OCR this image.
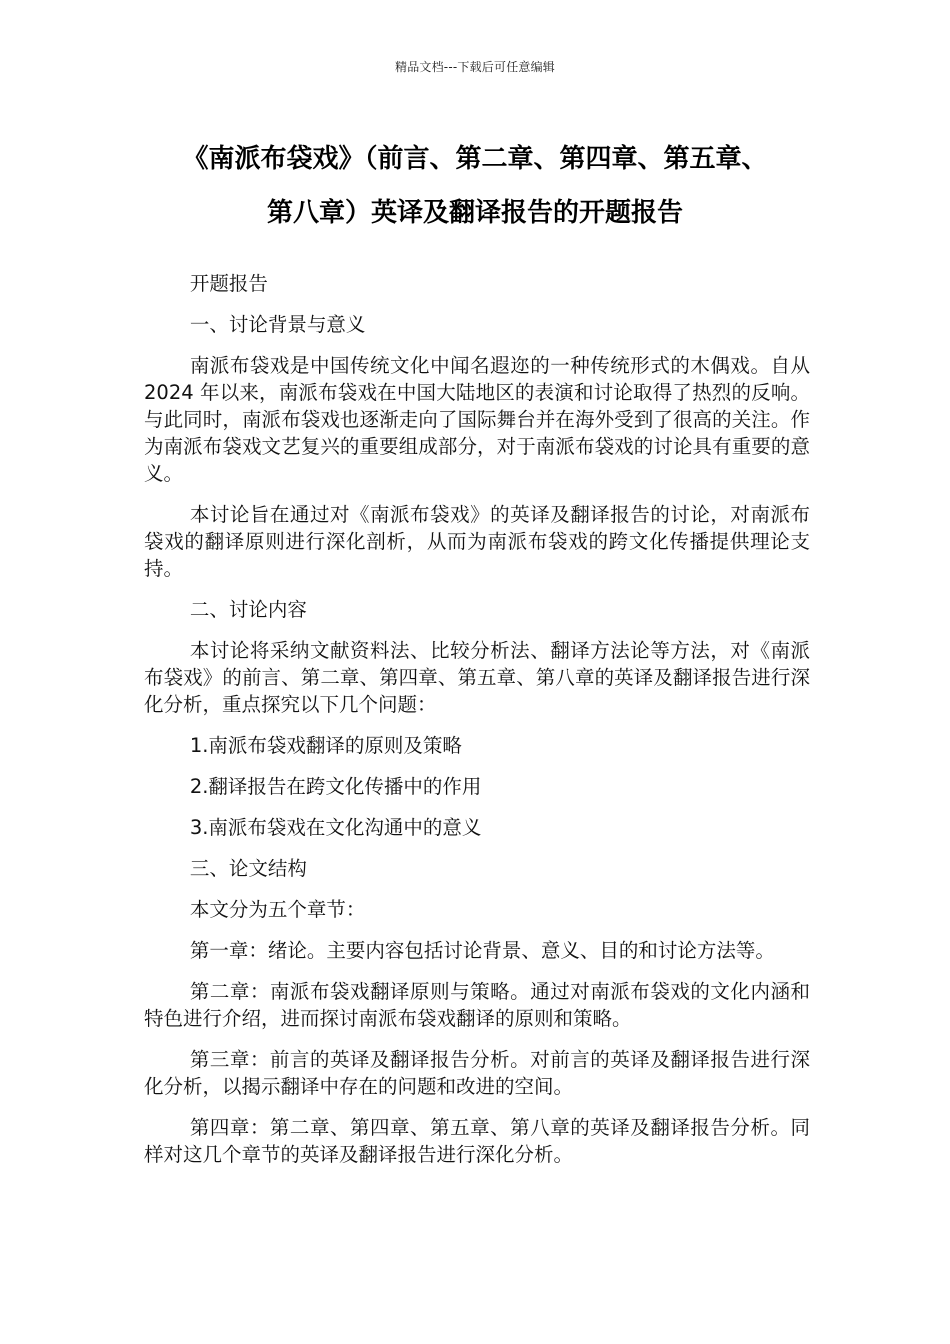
精品文档---下载后可任意编辑
《南派布袋戏》（前言、第二章、第四章、第五章、
第八章）英译及翻译报告的开题报告

开题报告

一、讨论背景与意义

南派布袋戏是中国传统文化中闻名遐迩的一种传统形式的木偶戏。自从 2024 年以来，南派布袋戏在中国大陆地区的表演和讨论取得了热烈的反响。与此同时，南派布袋戏也逐渐走向了国际舞台并在海外受到了很高的关注。作为南派布袋戏文艺复兴的重要组成部分，对于南派布袋戏的讨论具有重要的意义。

本讨论旨在通过对《南派布袋戏》的英译及翻译报告的讨论，对南派布袋戏的翻译原则进行深化剖析，从而为南派布袋戏的跨文化传播提供理论支持。

二、讨论内容

本讨论将采纳文献资料法、比较分析法、翻译方法论等方法，对《南派布袋戏》的前言、第二章、第四章、第五章、第八章的英译及翻译报告进行深化分析，重点探究以下几个问题：

1.南派布袋戏翻译的原则及策略

2.翻译报告在跨文化传播中的作用

3.南派布袋戏在文化沟通中的意义

三、论文结构

本文分为五个章节：

第一章：绪论。主要内容包括讨论背景、意义、目的和讨论方法等。

第二章：南派布袋戏翻译原则与策略。通过对南派布袋戏的文化内涵和特色进行介绍，进而探讨南派布袋戏翻译的原则和策略。

第三章：前言的英译及翻译报告分析。对前言的英译及翻译报告进行深化分析，以揭示翻译中存在的问题和改进的空间。

第四章：第二章、第四章、第五章、第八章的英译及翻译报告分析。同样对这几个章节的英译及翻译报告进行深化分析。
